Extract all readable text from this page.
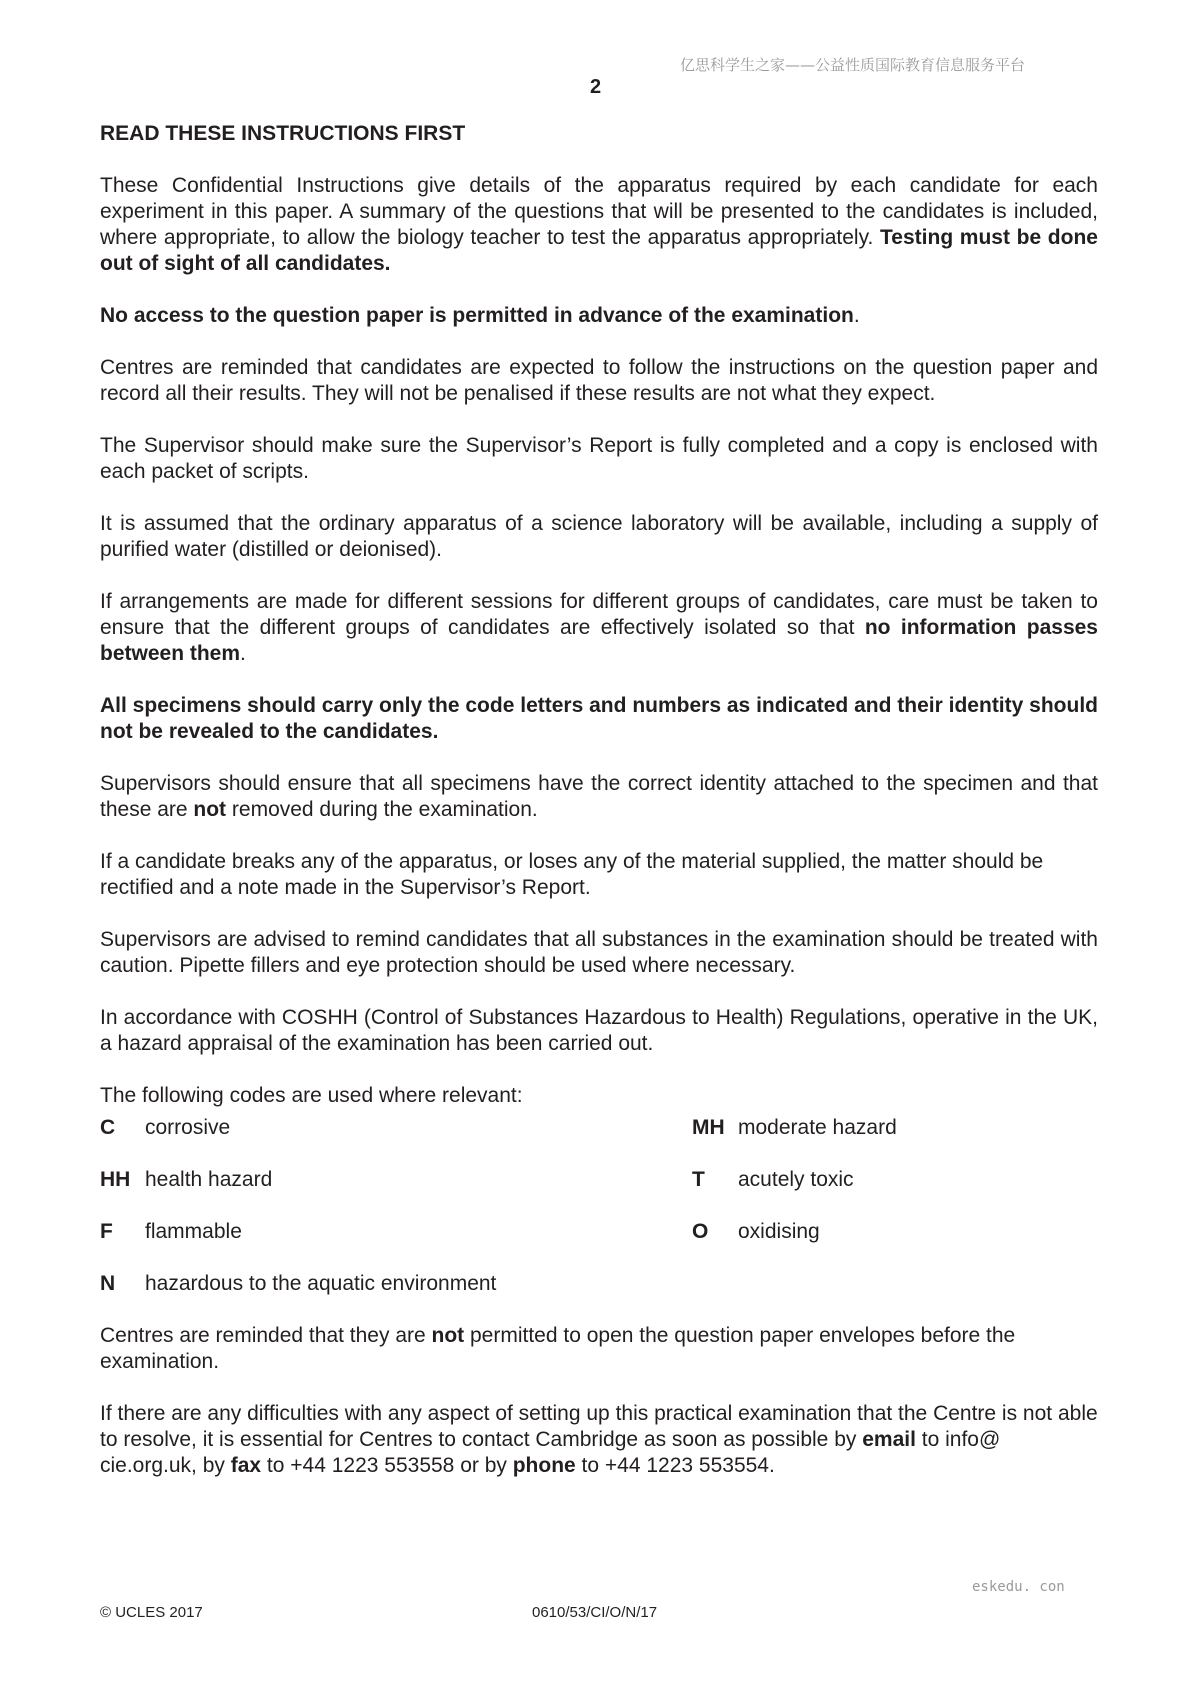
亿思科学生之家——公益性质国际教育信息服务平台
2
READ THESE INSTRUCTIONS FIRST

These Confidential Instructions give details of the apparatus required by each candidate for each experiment in this paper. A summary of the questions that will be presented to the candidates is included, where appropriate, to allow the biology teacher to test the apparatus appropriately. Testing must be done out of sight of all candidates.

No access to the question paper is permitted in advance of the examination.

Centres are reminded that candidates are expected to follow the instructions on the question paper and record all their results. They will not be penalised if these results are not what they expect.

The Supervisor should make sure the Supervisor’s Report is fully completed and a copy is enclosed with each packet of scripts.

It is assumed that the ordinary apparatus of a science laboratory will be available, including a supply of purified water (distilled or deionised).

If arrangements are made for different sessions for different groups of candidates, care must be taken to ensure that the different groups of candidates are effectively isolated so that no information passes between them.

All specimens should carry only the code letters and numbers as indicated and their identity should not be revealed to the candidates.

Supervisors should ensure that all specimens have the correct identity attached to the specimen and that these are not removed during the examination.

If a candidate breaks any of the apparatus, or loses any of the material supplied, the matter should be rectified and a note made in the Supervisor’s Report.

Supervisors are advised to remind candidates that all substances in the examination should be treated with caution. Pipette fillers and eye protection should be used where necessary.

In accordance with COSHH (Control of Substances Hazardous to Health) Regulations, operative in the UK, a hazard appraisal of the examination has been carried out.

The following codes are used where relevant:

C corrosive	MH moderate hazard
HH health hazard	T acutely toxic
F flammable	O oxidising
N hazardous to the aquatic environment

Centres are reminded that they are not permitted to open the question paper envelopes before the examination.

If there are any difficulties with any aspect of setting up this practical examination that the Centre is not able to resolve, it is essential for Centres to contact Cambridge as soon as possible by email to info@ cie.org.uk, by fax to +44 1223 553558 or by phone to +44 1223 553554.

eskedu. con
© UCLES 2017	0610/53/CI/O/N/17
